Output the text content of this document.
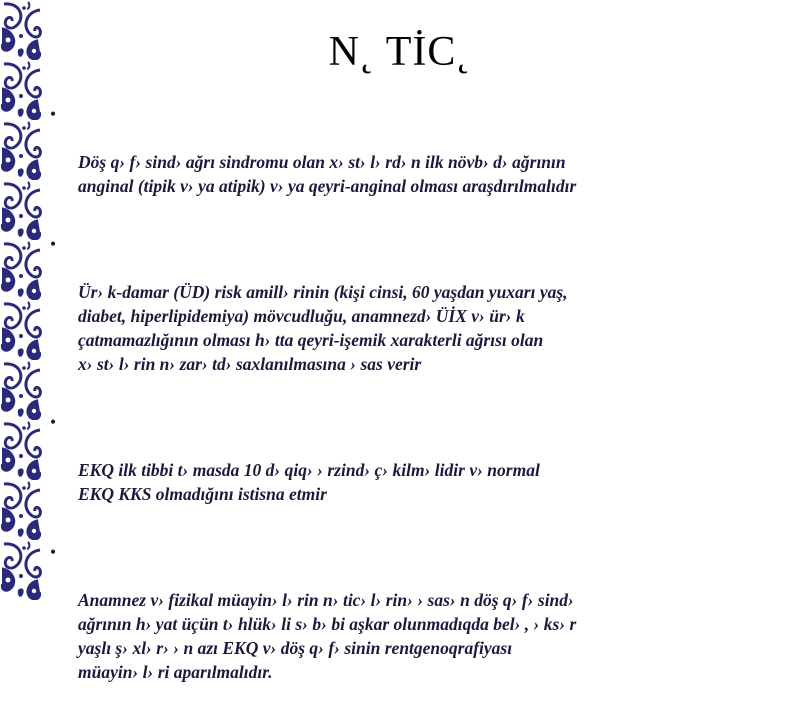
N˛ TİC˛

•

Döş q› f› sind› ağrı sindromu olan x› st› l› rd› n ilk növb› d› ağrının
anginal (tipik v› ya atipik) v› ya qeyri-anginal olması araşdırılmalıdır

•

Ür› k-damar (ÜD) risk amill› rinin (kişi cinsi, 60 yaşdan yuxarı yaş,
diabet, hiperlipidemiya) mövcudluğu, anamnezd› ÜİX v› ür› k
çatmamazlığının olması h› tta qeyri-işemik xarakterli ağrısı olan
x› st› l› rin n› zar› td› saxlanılmasına › sas verir

•

EKQ ilk tibbi t› masda 10 d› qiq› › rzind› ç› kilm› lidir v› normal
EKQ KKS olmadığını istisna etmir

•

Anamnez v› fizikal müayin› l› rin n› tic› l› rin› › sas› n döş q› f› sind›
ağrının h› yat üçün t› hlük› li s› b› bi aşkar olunmadıqda bel› , › ks› r
yaşlı ş› xl› r› › n azı EKQ v› döş q› f› sinin rentgenoqrafiyası
müayin› l› ri aparılmalıdır.
